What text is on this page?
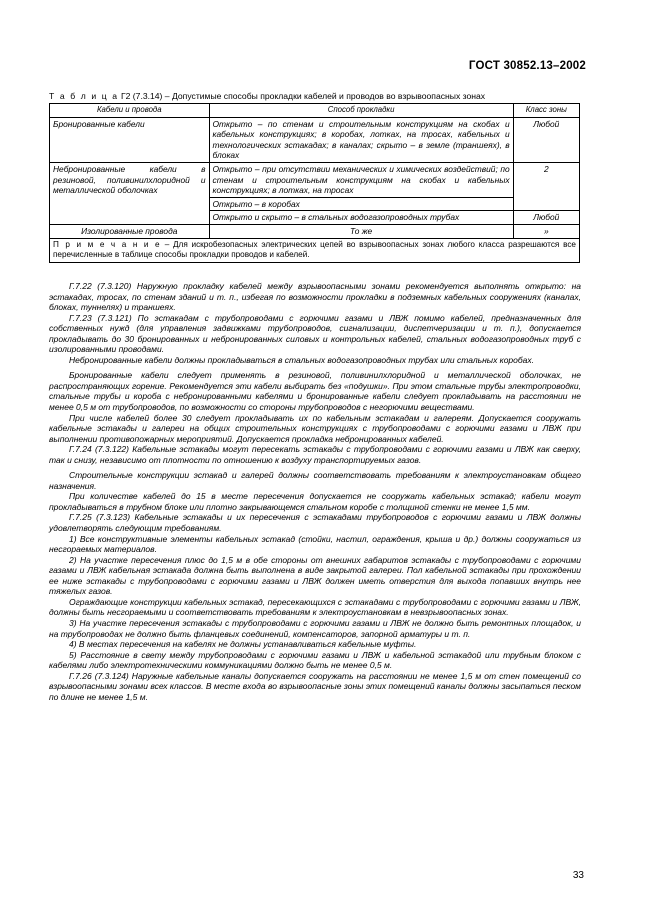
ГОСТ 30852.13–2002
Т а б л и ц а Г2 (7.3.14) – Допустимые способы прокладки кабелей и проводов во взрывоопасных зонах
Кабели и провода	Способ прокладки	Класс зоны
Бронированные кабели	Открыто – по стенам и строительным конструкциям на скобах и кабельных конструкциях; в коробах, лотках, на тросах, кабельных и технологических эстакадах; в каналах; скрыто – в земле (траншеях), в блоках	Любой
Небронированные кабели в резиновой, поливинилхлоридной и металлической оболочках	Открыто – при отсутствии механических и химических воздействий; по стенам и строительным конструкциям на скобах и кабельных конструкциях; в лотках, на тросах	2
	Открыто – в коробах	
	Открыто и скрыто – в стальных водогазопроводных трубах	Любой
Изолированные провода	То же	»
П р и м е ч а н и е – Для искробезопасных электрических цепей во взрывоопасных зонах любого класса разрешаются все перечисленные в таблице способы прокладки проводов и кабелей.		

Г.7.22 (7.3.120) Наружную прокладку кабелей между взрывоопасными зонами рекомендуется выполнять открыто: на эстакадах, тросах, по стенам зданий и т. п., избегая по возможности прокладки в подземных кабельных сооружениях (каналах, блоках, туннелях) и траншеях.

Г.7.23 (7.3.121) По эстакадам с трубопроводами с горючими газами и ЛВЖ помимо кабелей, предназначенных для собственных нужд (для управления задвижками трубопроводов, сигнализации, диспетчеризации и т. п.), допускается прокладывать до 30 бронированных и небронированных силовых и контрольных кабелей, стальных водогазопроводных труб с изолированными проводами.

Небронированные кабели должны прокладываться в стальных водогазопроводных трубах или стальных коробах.

Бронированные кабели следует применять в резиновой, поливинилхлоридной и металлической оболочках, не распространяющих горение. Рекомендуется эти кабели выбирать без «подушки». При этом стальные трубы электропроводки, стальные трубы и короба с небронированными кабелями и бронированные кабели следует прокладывать на расстоянии не менее 0,5 м от трубопроводов, по возможности со стороны трубопроводов с негорючими веществами.

При числе кабелей более 30 следует прокладывать их по кабельным эстакадам и галереям. Допускается сооружать кабельные эстакады и галереи на общих строительных конструкциях с трубопроводами с горючими газами и ЛВЖ при выполнении противопожарных мероприятий. Допускается прокладка небронированных кабелей.

Г.7.24 (7.3.122) Кабельные эстакады могут пересекать эстакады с трубопроводами с горючими газами и ЛВЖ как сверху, так и снизу, независимо от плотности по отношению к воздуху транспортируемых газов.

Строительные конструкции эстакад и галерей должны соответствовать требованиям к электроустановкам общего назначения.

При количестве кабелей до 15 в месте пересечения допускается не сооружать кабельных эстакад; кабели могут прокладываться в трубном блоке или плотно закрывающемся стальном коробе с толщиной стенки не менее 1,5 мм.

Г.7.25 (7.3.123) Кабельные эстакады и их пересечения с эстакадами трубопроводов с горючими газами и ЛВЖ должны удовлетворять следующим требованиям.

1) Все конструктивные элементы кабельных эстакад (стойки, настил, ограждения, крыша и др.) должны сооружаться из несгораемых материалов.

2) На участке пересечения плюс до 1,5 м в обе стороны от внешних габаритов эстакады с трубопроводами с горючими газами и ЛВЖ кабельная эстакада должна быть выполнена в виде закрытой галереи. Пол кабельной эстакады при прохождении ее ниже эстакады с трубопроводами с горючими газами и ЛВЖ должен иметь отверстия для выхода попавших внутрь нее тяжелых газов.

Ограждающие конструкции кабельных эстакад, пересекающихся с эстакадами с трубопроводами с горючими газами и ЛВЖ, должны быть несгораемыми и соответствовать требованиям к электроустановкам в невзрывоопасных зонах.

3) На участке пересечения эстакады с трубопроводами с горючими газами и ЛВЖ не должно быть ремонтных площадок, и на трубопроводах не должно быть фланцевых соединений, компенсаторов, запорной арматуры и т. п.

4) В местах пересечения на кабелях не должны устанавливаться кабельные муфты.

5) Расстояние в свету между трубопроводами с горючими газами и ЛВЖ и кабельной эстакадой или трубным блоком с кабелями либо электротехническими коммуникациями должно быть не менее 0,5 м.

Г.7.26 (7.3.124) Наружные кабельные каналы допускается сооружать на расстоянии не менее 1,5 м от стен помещений со взрывоопасными зонами всех классов. В месте входа во взрывоопасные зоны этих помещений каналы должны засыпаться песком по длине не менее 1,5 м.

33
